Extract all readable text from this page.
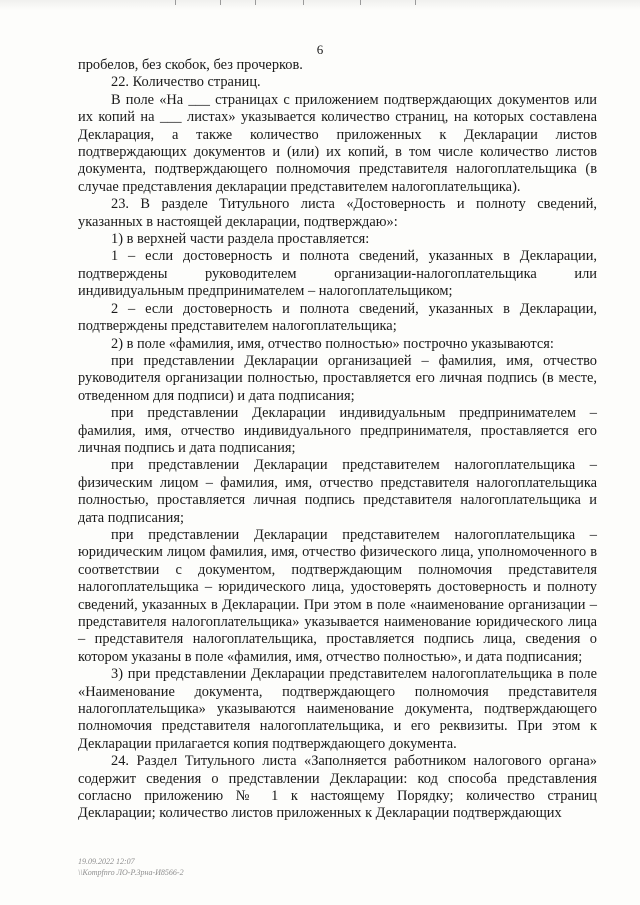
6

пробелов, без скобок, без прочерков.

22. Количество страниц.

В поле «На ___ страницах с приложением подтверждающих документов или их копий на ___ листах» указывается количество страниц, на которых составлена Декларация, а также количество приложенных к Декларации листов подтверждающих документов и (или) их копий, в том числе количество листов документа, подтверждающего полномочия представителя налогоплательщика (в случае представления декларации представителем налогоплательщика).

23. В разделе Титульного листа «Достоверность и полноту сведений, указанных в настоящей декларации, подтверждаю»:

1) в верхней части раздела проставляется:

1 – если достоверность и полнота сведений, указанных в Декларации, подтверждены руководителем организации-налогоплательщика или индивидуальным предпринимателем – налогоплательщиком;

2 – если достоверность и полнота сведений, указанных в Декларации, подтверждены представителем налогоплательщика;

2) в поле «фамилия, имя, отчество полностью» построчно указываются:

при представлении Декларации организацией – фамилия, имя, отчество руководителя организации полностью, проставляется его личная подпись (в месте, отведенном для подписи) и дата подписания;

при представлении Декларации индивидуальным предпринимателем – фамилия, имя, отчество индивидуального предпринимателя, проставляется его личная подпись и дата подписания;

при представлении Декларации представителем налогоплательщика – физическим лицом – фамилия, имя, отчество представителя налогоплательщика полностью, проставляется личная подпись представителя налогоплательщика и дата подписания;

при представлении Декларации представителем налогоплательщика – юридическим лицом фамилия, имя, отчество физического лица, уполномоченного в соответствии с документом, подтверждающим полномочия представителя налогоплательщика – юридического лица, удостоверять достоверность и полноту сведений, указанных в Декларации. При этом в поле «наименование организации – представителя налогоплательщика» указывается наименование юридического лица – представителя налогоплательщика, проставляется подпись лица, сведения о котором указаны в поле «фамилия, имя, отчество полностью», и дата подписания;

3) при представлении Декларации представителем налогоплательщика в поле «Наименование документа, подтверждающего полномочия представителя налогоплательщика» указываются наименование документа, подтверждающего полномочия представителя налогоплательщика, и его реквизиты. При этом к Декларации прилагается копия подтверждающего документа.

24. Раздел Титульного листа «Заполняется работником налогового органа» содержит сведения о представлении Декларации: код способа представления согласно приложению № 1 к настоящему Порядку; количество страниц Декларации; количество листов приложенных к Декларации подтверждающих

19.09.2022 12:07
\\Kompfnro ЛО-Р.Зрна-И8566-2
